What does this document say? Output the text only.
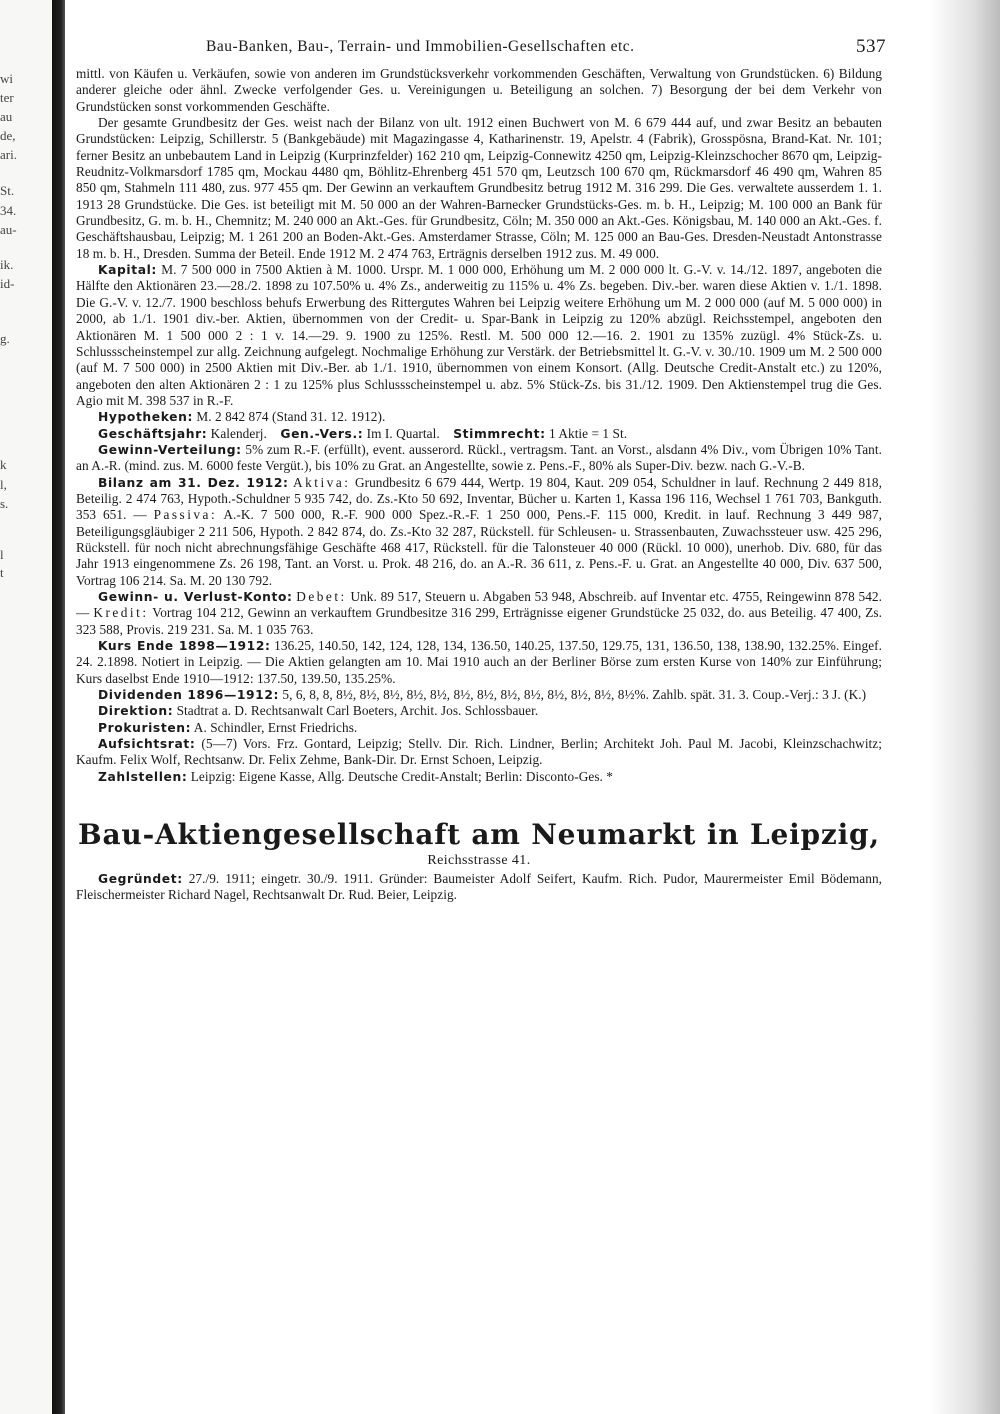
wi
ter
au
de,
ari.
St.
34.
au-
ik.
id-
g.
k
l,
s.
l
t
Bau-Banken, Bau-, Terrain- und Immobilien-Gesellschaften etc.	537

mittl. von Käufen u. Verkäufen, sowie von anderen im Grundstücksverkehr vorkommenden Geschäften, Verwaltung von Grundstücken. 6) Bildung anderer gleiche oder ähnl. Zwecke verfolgender Ges. u. Vereinigungen u. Beteiligung an solchen. 7) Besorgung der bei dem Verkehr von Grundstücken sonst vorkommenden Geschäfte.

Der gesamte Grundbesitz der Ges. weist nach der Bilanz von ult. 1912 einen Buchwert von M. 6 679 444 auf, und zwar Besitz an bebauten Grundstücken: Leipzig, Schillerstr. 5 (Bankgebäude) mit Magazingasse 4, Katharinenstr. 19, Apelstr. 4 (Fabrik), Grosspösna, Brand-Kat. Nr. 101; ferner Besitz an unbebautem Land in Leipzig (Kurprinzfelder) 162 210 qm, Leipzig-Connewitz 4250 qm, Leipzig-Kleinzschocher 8670 qm, Leipzig-Reudnitz-Volkmarsdorf 1785 qm, Mockau 4480 qm, Böhlitz-Ehrenberg 451 570 qm, Leutzsch 100 670 qm, Rückmarsdorf 46 490 qm, Wahren 85 850 qm, Stahmeln 111 480, zus. 977 455 qm. Der Gewinn an verkauftem Grundbesitz betrug 1912 M. 316 299. Die Ges. verwaltete ausserdem 1. 1. 1913 28 Grundstücke. Die Ges. ist beteiligt mit M. 50 000 an der Wahren-Barnecker Grundstücks-Ges. m. b. H., Leipzig; M. 100 000 an Bank für Grundbesitz, G. m. b. H., Chemnitz; M. 240 000 an Akt.-Ges. für Grundbesitz, Cöln; M. 350 000 an Akt.-Ges. Königsbau, M. 140 000 an Akt.-Ges. f. Geschäftshausbau, Leipzig; M. 1 261 200 an Boden-Akt.-Ges. Amsterdamer Strasse, Cöln; M. 125 000 an Bau-Ges. Dresden-Neustadt Antonstrasse 18 m. b. H., Dresden. Summa der Beteil. Ende 1912 M. 2 474 763, Erträgnis derselben 1912 zus. M. 49 000.

Kapital: M. 7 500 000 in 7500 Aktien à M. 1000. Urspr. M. 1 000 000, Erhöhung um M. 2 000 000 lt. G.-V. v. 14./12. 1897, angeboten die Hälfte den Aktionären 23.—28./2. 1898 zu 107.50% u. 4% Zs., anderweitig zu 115% u. 4% Zs. begeben. Div.-ber. waren diese Aktien v. 1./1. 1898. Die G.-V. v. 12./7. 1900 beschloss behufs Erwerbung des Rittergutes Wahren bei Leipzig weitere Erhöhung um M. 2 000 000 (auf M. 5 000 000) in 2000, ab 1./1. 1901 div.-ber. Aktien, übernommen von der Credit- u. Spar-Bank in Leipzig zu 120% abzügl. Reichsstempel, angeboten den Aktionären M. 1 500 000 2 : 1 v. 14.—29. 9. 1900 zu 125%. Restl. M. 500 000 12.—16. 2. 1901 zu 135% zuzügl. 4% Stück-Zs. u. Schlussscheinstempel zur allg. Zeichnung aufgelegt. Nochmalige Erhöhung zur Verstärk. der Betriebsmittel lt. G.-V. v. 30./10. 1909 um M. 2 500 000 (auf M. 7 500 000) in 2500 Aktien mit Div.-Ber. ab 1./1. 1910, übernommen von einem Konsort. (Allg. Deutsche Credit-Anstalt etc.) zu 120%, angeboten den alten Aktionären 2 : 1 zu 125% plus Schlussscheinstempel u. abz. 5% Stück-Zs. bis 31./12. 1909. Den Aktienstempel trug die Ges. Agio mit M. 398 537 in R.-F.

Hypotheken: M. 2 842 874 (Stand 31. 12. 1912).

Geschäftsjahr: Kalenderj. Gen.-Vers.: Im I. Quartal. Stimmrecht: 1 Aktie = 1 St.

Gewinn-Verteilung: 5% zum R.-F. (erfüllt), event. ausserord. Rückl., vertragsm. Tant. an Vorst., alsdann 4% Div., vom Übrigen 10% Tant. an A.-R. (mind. zus. M. 6000 feste Vergüt.), bis 10% zu Grat. an Angestellte, sowie z. Pens.-F., 80% als Super-Div. bezw. nach G.-V.-B.

Bilanz am 31. Dez. 1912: Aktiva: Grundbesitz 6 679 444, Wertp. 19 804, Kaut. 209 054, Schuldner in lauf. Rechnung 2 449 818, Beteilig. 2 474 763, Hypoth.-Schuldner 5 935 742, do. Zs.-Kto 50 692, Inventar, Bücher u. Karten 1, Kassa 196 116, Wechsel 1 761 703, Bankguth. 353 651. — Passiva: A.-K. 7 500 000, R.-F. 900 000 Spez.-R.-F. 1 250 000, Pens.-F. 115 000, Kredit. in lauf. Rechnung 3 449 987, Beteiligungsgläubiger 2 211 506, Hypoth. 2 842 874, do. Zs.-Kto 32 287, Rückstell. für Schleusen- u. Strassenbauten, Zuwachssteuer usw. 425 296, Rückstell. für noch nicht abrechnungsfähige Geschäfte 468 417, Rückstell. für die Talonsteuer 40 000 (Rückl. 10 000), unerhob. Div. 680, für das Jahr 1913 eingenommene Zs. 26 198, Tant. an Vorst. u. Prok. 48 216, do. an A.-R. 36 611, z. Pens.-F. u. Grat. an Angestellte 40 000, Div. 637 500, Vortrag 106 214. Sa. M. 20 130 792.

Gewinn- u. Verlust-Konto: Debet: Unk. 89 517, Steuern u. Abgaben 53 948, Abschreib. auf Inventar etc. 4755, Reingewinn 878 542. — Kredit: Vortrag 104 212, Gewinn an verkauftem Grundbesitze 316 299, Erträgnisse eigener Grundstücke 25 032, do. aus Beteilig. 47 400, Zs. 323 588, Provis. 219 231. Sa. M. 1 035 763.

Kurs Ende 1898—1912: 136.25, 140.50, 142, 124, 128, 134, 136.50, 140.25, 137.50, 129.75, 131, 136.50, 138, 138.90, 132.25%. Eingef. 24. 2.1898. Notiert in Leipzig. — Die Aktien gelangten am 10. Mai 1910 auch an der Berliner Börse zum ersten Kurse von 140% zur Einführung; Kurs daselbst Ende 1910—1912: 137.50, 139.50, 135.25%.

Dividenden 1896—1912: 5, 6, 8, 8, 8½, 8½, 8½, 8½, 8½, 8½, 8½, 8½, 8½, 8½, 8½, 8½, 8½%. Zahlb. spät. 31. 3. Coup.-Verj.: 3 J. (K.)

Direktion: Stadtrat a. D. Rechtsanwalt Carl Boeters, Archit. Jos. Schlossbauer.

Prokuristen: A. Schindler, Ernst Friedrichs.

Aufsichtsrat: (5—7) Vors. Frz. Gontard, Leipzig; Stellv. Dir. Rich. Lindner, Berlin; Architekt Joh. Paul M. Jacobi, Kleinzschachwitz; Kaufm. Felix Wolf, Rechtsanw. Dr. Felix Zehme, Bank-Dir. Dr. Ernst Schoen, Leipzig.

Zahlstellen: Leipzig: Eigene Kasse, Allg. Deutsche Credit-Anstalt; Berlin: Disconto-Ges. *

Bau-Aktiengesellschaft am Neumarkt in Leipzig,
Reichsstrasse 41.

Gegründet: 27./9. 1911; eingetr. 30./9. 1911. Gründer: Baumeister Adolf Seifert, Kaufm. Rich. Pudor, Maurermeister Emil Bödemann, Fleischermeister Richard Nagel, Rechtsanwalt Dr. Rud. Beier, Leipzig.
